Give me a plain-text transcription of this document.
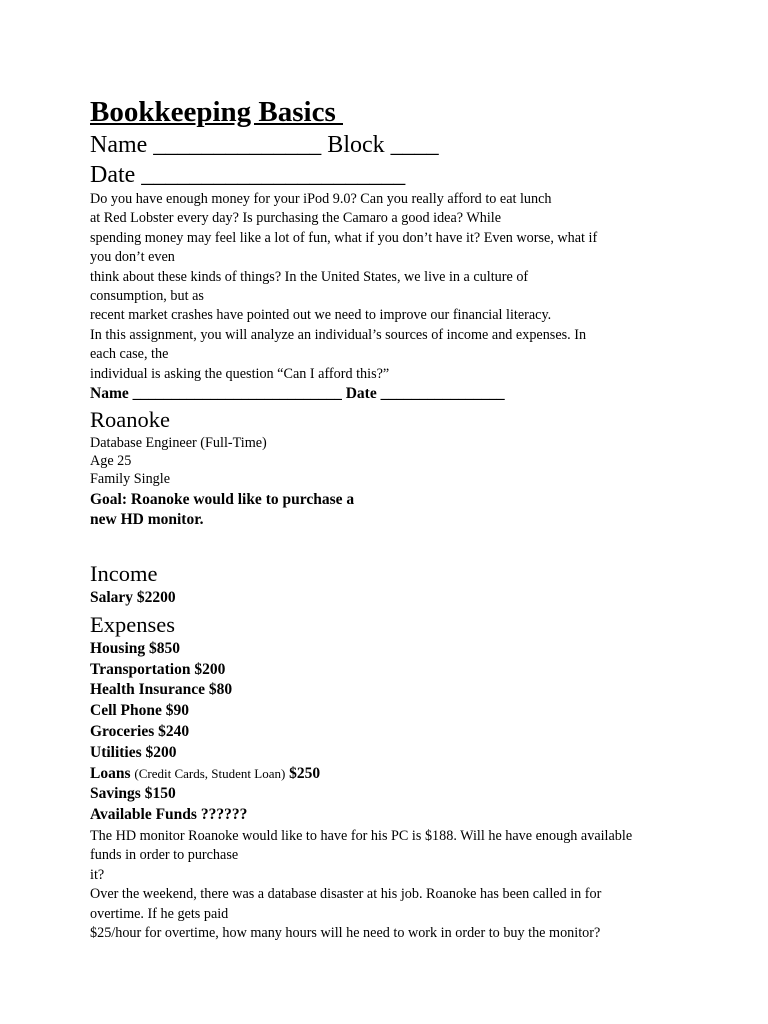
Bookkeeping Basics

Name ______________ Block ____

Date ______________________

Do you have enough money for your iPod 9.0? Can you really afford to eat lunch
at Red Lobster every day? Is purchasing the Camaro a good idea? While
spending money may feel like a lot of fun, what if you don’t have it? Even worse, what if
you don’t even
think about these kinds of things? In the United States, we live in a culture of
consumption, but as
recent market crashes have pointed out we need to improve our financial literacy.
In this assignment, you will analyze an individual’s sources of income and expenses. In
each case, the
individual is asking the question “Can I afford this?”

Name ___________________________ Date ________________

Roanoke

Database Engineer (Full-Time)

Age 25

Family Single

Goal: Roanoke would like to purchase a

new HD monitor.

Income

Salary $2200

Expenses

Housing $850

Transportation $200

Health Insurance $80

Cell Phone $90

Groceries $240

Utilities $200

Loans (Credit Cards, Student Loan) $250

Savings $150

Available Funds ??????

The HD monitor Roanoke would like to have for his PC is $188. Will he have enough available
funds in order to purchase
it?
Over the weekend, there was a database disaster at his job. Roanoke has been called in for
overtime. If he gets paid
$25/hour for overtime, how many hours will he need to work in order to buy the monitor?
